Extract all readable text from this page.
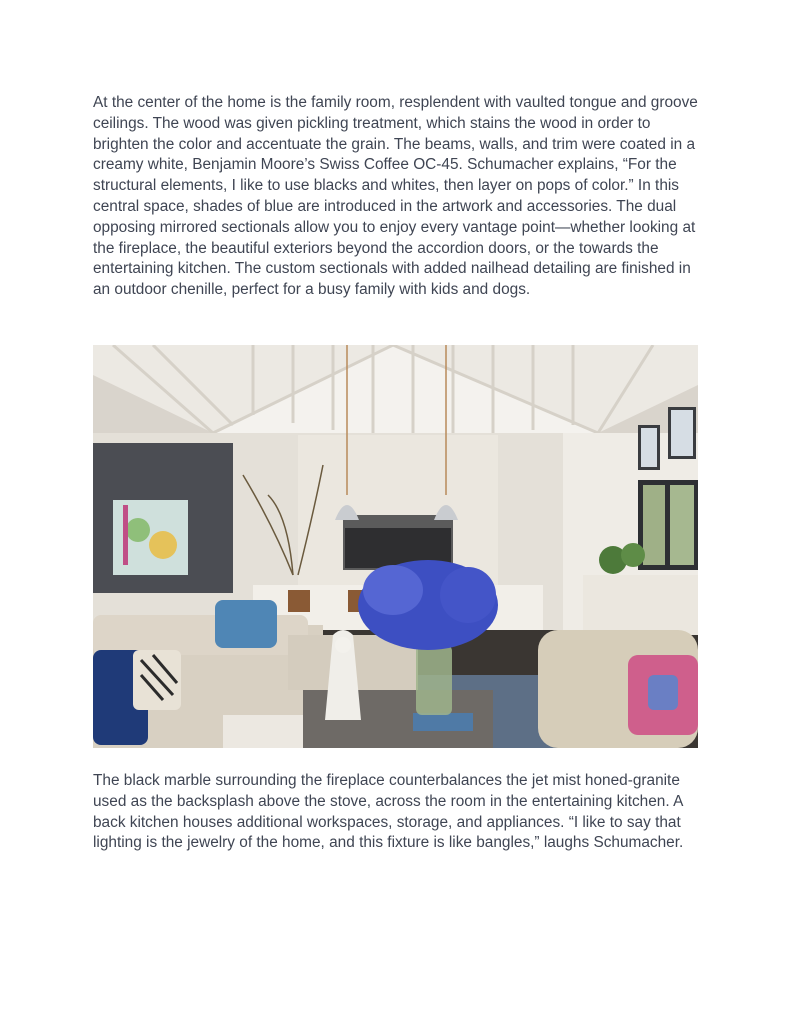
At the center of the home is the family room, resplendent with vaulted tongue and groove ceilings. The wood was given pickling treatment, which stains the wood in order to brighten the color and accentuate the grain. The beams, walls, and trim were coated in a creamy white, Benjamin Moore’s Swiss Coffee OC-45. Schumacher explains, “For the structural elements, I like to use blacks and whites, then layer on pops of color.” In this central space, shades of blue are introduced in the artwork and accessories. The dual opposing mirrored sectionals allow you to enjoy every vantage point—whether looking at the fireplace, the beautiful exteriors beyond the accordion doors, or the towards the entertaining kitchen. The custom sectionals with added nailhead detailing are finished in an outdoor chenille, perfect for a busy family with kids and dogs.

The black marble surrounding the fireplace counterbalances the jet mist honed-granite used as the backsplash above the stove, across the room in the entertaining kitchen. A back kitchen houses additional workspaces, storage, and appliances. “I like to say that lighting is the jewelry of the home, and this fixture is like bangles,” laughs Schumacher.
